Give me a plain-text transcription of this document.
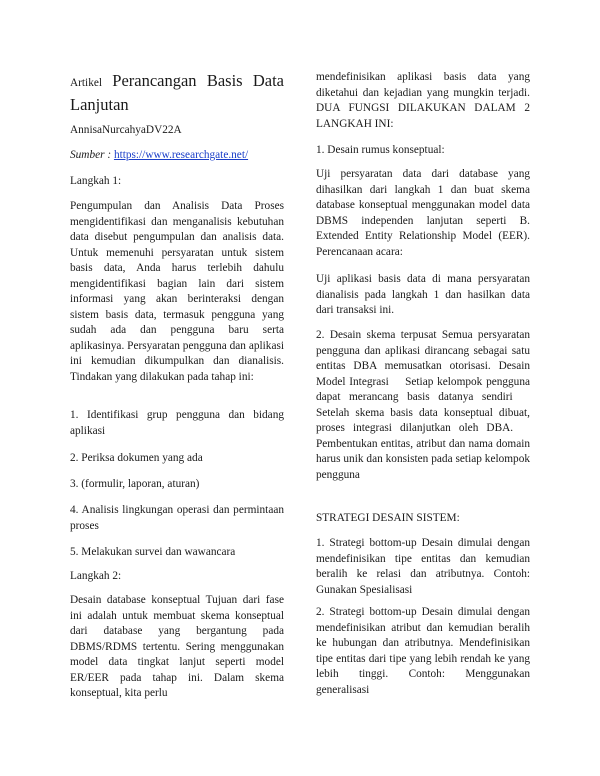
Artikel Perancangan Basis Data Lanjutan

AnnisaNurcahyaDV22A

Sumber : https://www.researchgate.net/

Langkah 1:

Pengumpulan dan Analisis Data Proses mengidentifikasi dan menganalisis kebutuhan data disebut pengumpulan dan analisis data. Untuk memenuhi persyaratan untuk sistem basis data, Anda harus terlebih dahulu mengidentifikasi bagian lain dari sistem informasi yang akan berinteraksi dengan sistem basis data, termasuk pengguna yang sudah ada dan pengguna baru serta aplikasinya. Persyaratan pengguna dan aplikasi ini kemudian dikumpulkan dan dianalisis. Tindakan yang dilakukan pada tahap ini:

1. Identifikasi grup pengguna dan bidang aplikasi

2. Periksa dokumen yang ada

3. (formulir, laporan, aturan)

4. Analisis lingkungan operasi dan permintaan proses

5. Melakukan survei dan wawancara

Langkah 2:

Desain database konseptual Tujuan dari fase ini adalah untuk membuat skema konseptual dari database yang bergantung pada DBMS/RDMS tertentu. Sering menggunakan model data tingkat lanjut seperti model ER/EER pada tahap ini. Dalam skema konseptual, kita perlu

mendefinisikan aplikasi basis data yang diketahui dan kejadian yang mungkin terjadi. DUA FUNGSI DILAKUKAN DALAM 2 LANGKAH INI:

1. Desain rumus konseptual:

Uji persyaratan data dari database yang dihasilkan dari langkah 1 dan buat skema database konseptual menggunakan model data DBMS independen lanjutan seperti B. Extended Entity Relationship Model (EER). Perencanaan acara:

Uji aplikasi basis data di mana persyaratan dianalisis pada langkah 1 dan hasilkan data dari transaksi ini.

2. Desain skema terpusat Semua persyaratan pengguna dan aplikasi dirancang sebagai satu entitas DBA memusatkan otorisasi. Desain Model Integrasi Setiap kelompok pengguna dapat merancang basis datanya sendiri Setelah skema basis data konseptual dibuat, proses integrasi dilanjutkan oleh DBA. Pembentukan entitas, atribut dan nama domain harus unik dan konsisten pada setiap kelompok pengguna

STRATEGI DESAIN SISTEM:

1. Strategi bottom-up Desain dimulai dengan mendefinisikan tipe entitas dan kemudian beralih ke relasi dan atributnya. Contoh: Gunakan Spesialisasi

2. Strategi bottom-up Desain dimulai dengan mendefinisikan atribut dan kemudian beralih ke hubungan dan atributnya. Mendefinisikan tipe entitas dari tipe yang lebih rendah ke yang lebih tinggi. Contoh: Menggunakan generalisasi
